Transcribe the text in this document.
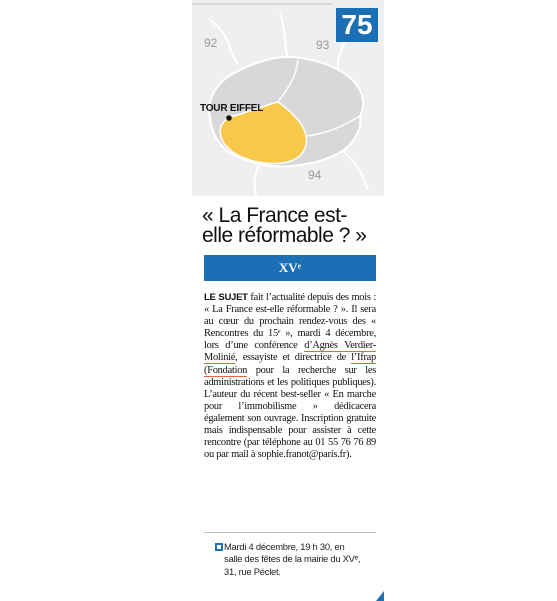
92	93
94
TOUR EIFFEL
75
« La France est-
elle réformable ? »
XVᵉ
LE SUJET fait l’actualité depuis des mois : « La France est-elle réformable ? ». Il sera au cœur du prochain rendez-vous des « Rencontres du 15ᵉ », mardi 4 décembre, lors d’une conférence d’Agnès Verdier-Molinié, essayiste et directrice de l’Ifrap (Fondation pour la recherche sur les administrations et les politiques publiques). L’auteur du récent best-seller « En marche pour l’immobilisme » dédicacera également son ouvrage. Inscription gratuite mais indispensable pour assister à cette rencontre (par téléphone au 01 55 76 76 89 ou par mail à sophie.franot@paris.fr).
Mardi 4 décembre, 19 h 30, en
salle des fêtes de la mairie du XVᵉ,
31, rue Péclet.
